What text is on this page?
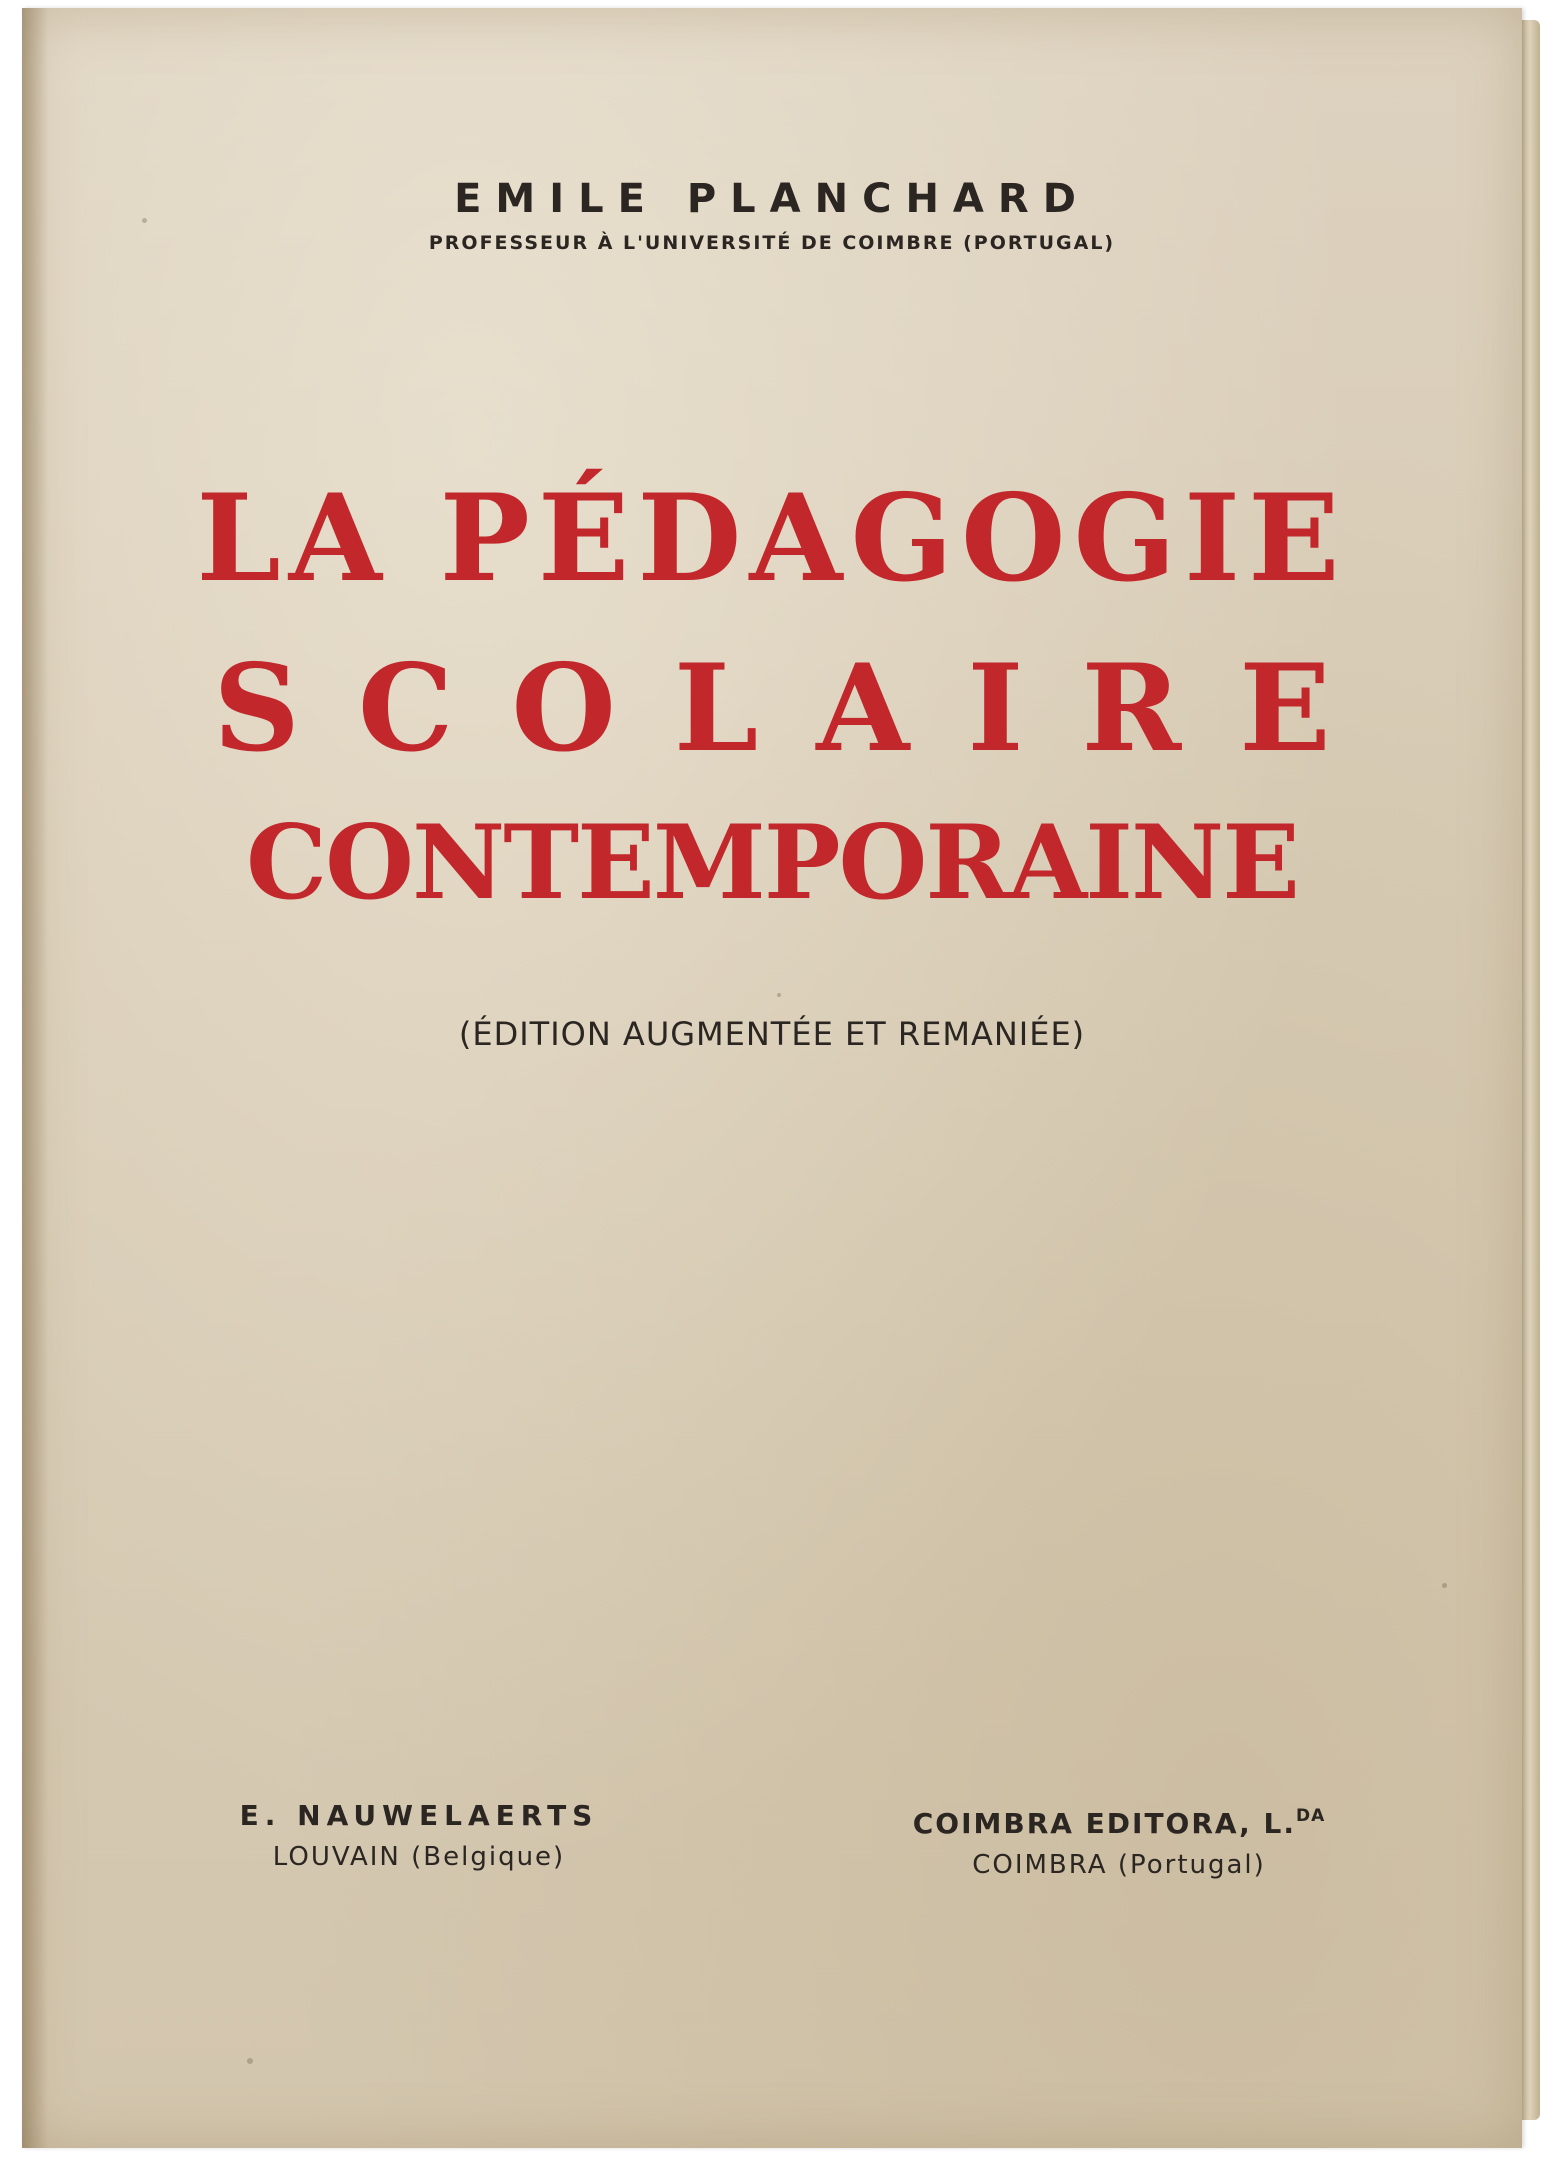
EMILE PLANCHARD
PROFESSEUR À L'UNIVERSITÉ DE COIMBRE (PORTUGAL)
LA PÉDAGOGIE
SCOLAIRE
CONTEMPORAINE
(ÉDITION AUGMENTÉE ET REMANIÉE)
E. NAUWELAERTS
LOUVAIN (Belgique)
COIMBRA EDITORA, L.$^{DA}$
COIMBRA (Portugal)
